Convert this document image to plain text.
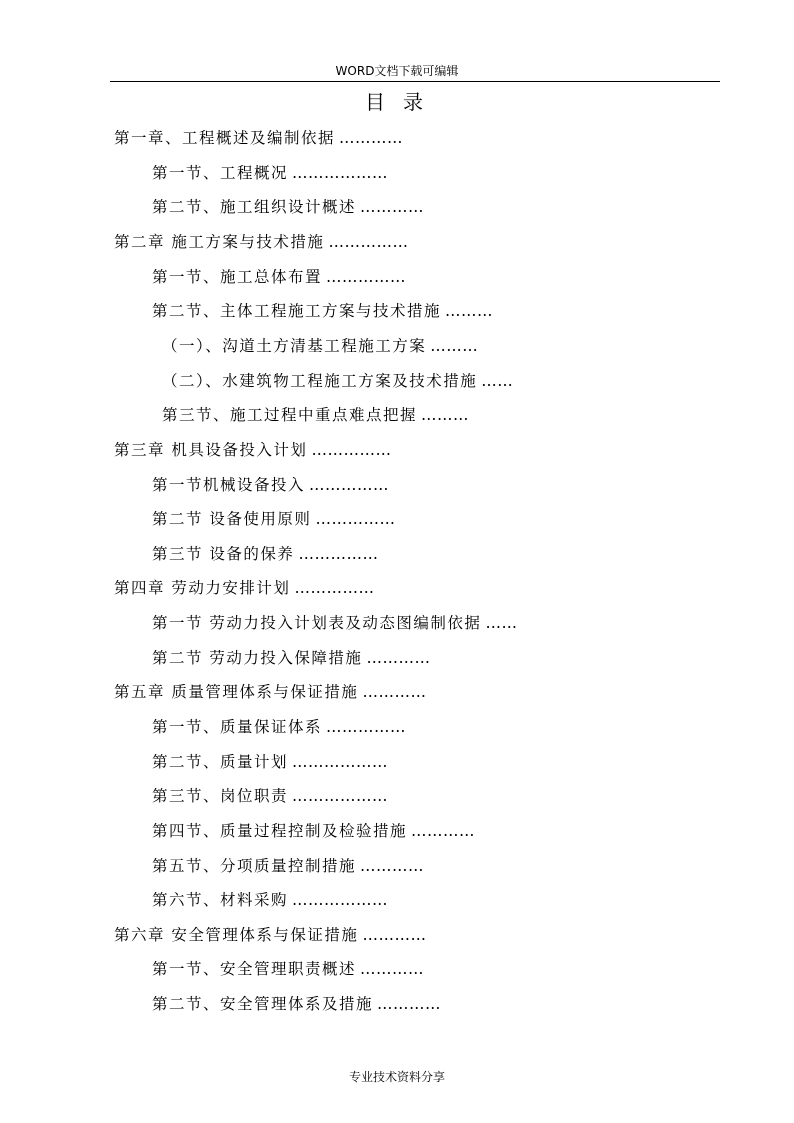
WORD文档下载可编辑
目录
第一章、工程概述及编制依据 …………
第一节、工程概况 ………………
第二节、施工组织设计概述 …………
第二章 施工方案与技术措施 ……………
第一节、施工总体布置 ……………
第二节、主体工程施工方案与技术措施 ………
（一）、沟道土方清基工程施工方案 ………
（二）、水建筑物工程施工方案及技术措施 ……
第三节、施工过程中重点难点把握 ………
第三章 机具设备投入计划 ……………
第一节机械设备投入 ……………
第二节 设备使用原则 ……………
第三节 设备的保养 ……………
第四章 劳动力安排计划 ……………
第一节 劳动力投入计划表及动态图编制依据 ……
第二节 劳动力投入保障措施 …………
第五章 质量管理体系与保证措施 …………
第一节、质量保证体系 ……………
第二节、质量计划 ………………
第三节、岗位职责 ………………
第四节、质量过程控制及检验措施 …………
第五节、分项质量控制措施 …………
第六节、材料采购 ………………
第六章 安全管理体系与保证措施 …………
第一节、安全管理职责概述 …………
第二节、安全管理体系及措施 …………
专业技术资料分享
